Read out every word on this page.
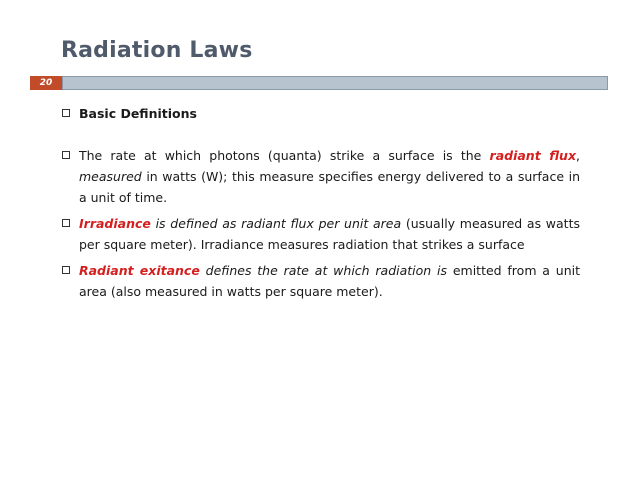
Radiation Laws
20

Basic Definitions

The rate at which photons (quanta) strike a surface is the radiant flux, measured in watts (W); this measure specifies energy delivered to a surface in a unit of time.

Irradiance is defined as radiant flux per unit area (usually measured as watts per square meter). Irradiance measures radiation that strikes a surface

Radiant exitance defines the rate at which radiation is emitted from a unit area (also measured in watts per square meter).
